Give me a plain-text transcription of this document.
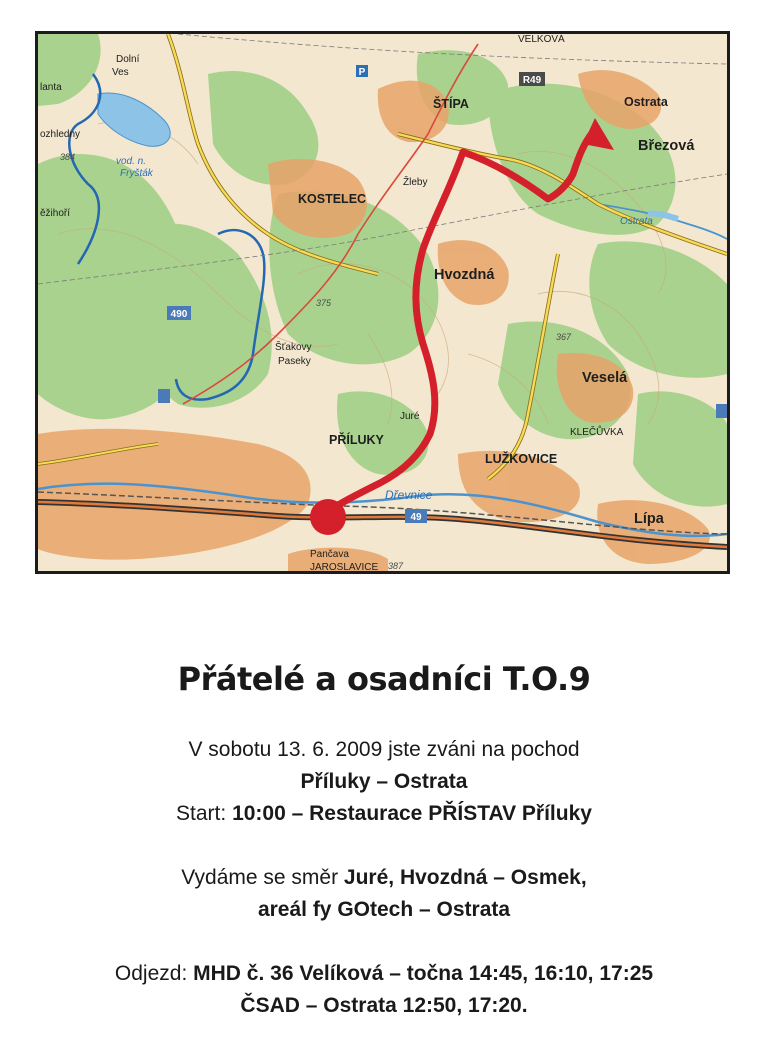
490
49
R49
P
VELKOVÁ
Dolní
Ves
lanta
ozhledny
384	vod. n.
Fryšták
ěžihoří
ŠTÍPA
KOSTELEC
Žleby
Ostrata
Březová
Ostrata
Hvozdná
375
367
Šťakovy
Paseky
Veselá
Juré
PŘÍLUKY
KLEČŮVKA
LUŽKOVICE
Dřevnice
Lípa
Pančava
JAROSLAVICE 387
Přátelé a osadníci T.O.9

V sobotu 13. 6. 2009 jste zváni na pochod

Příluky – Ostrata

Start: 10:00 – Restaurace PŘÍSTAV Příluky

Vydáme se směr Juré, Hvozdná – Osmek,

areál fy GOtech – Ostrata

Odjezd: MHD č. 36 Velíková – točna 14:45, 16:10, 17:25

ČSAD – Ostrata 12:50, 17:20.
